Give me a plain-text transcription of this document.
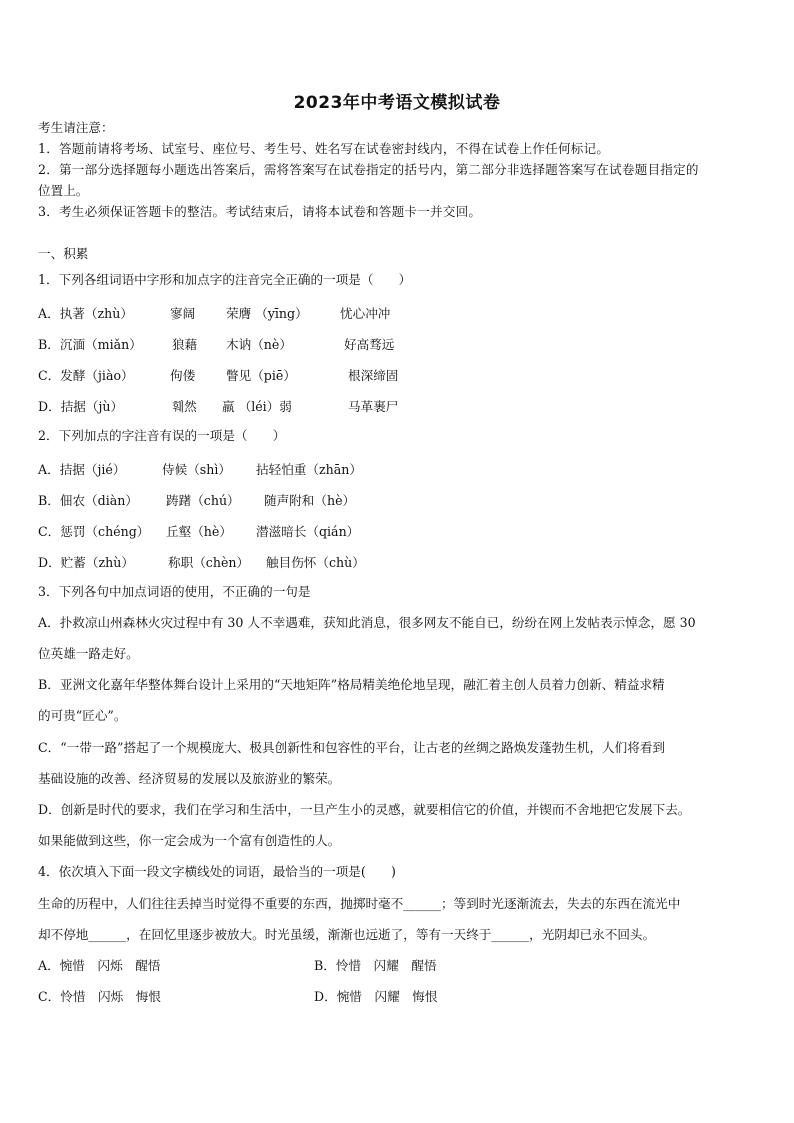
2023年中考语文模拟试卷
考生请注意：
1．答题前请将考场、试室号、座位号、考生号、姓名写在试卷密封线内，不得在试卷上作任何标记。
2．第一部分选择题每小题选出答案后，需将答案写在试卷指定的括号内，第二部分非选择题答案写在试卷题目指定的
位置上。
3．考生必须保证答题卡的整洁。考试结束后，请将本试卷和答题卡一并交回。
一、积累
1．下列各组词语中字形和加点字的注音完全正确的一项是（　　）
A．执著（zhù）	寥阔 荣膺 （yīng）	忧心冲冲
B．沉湎（miǎn） 狼藉 木讷（nè）	好高骛远
C．发酵（jiào）	佝偻 瞥见（piē）	根深缔固
D．拮据（jù）	훼然 羸 （léi）弱	马革裹尸
2．下列加点的字注音有误的一项是（　　）
A．拮据（jié）	侍候（shì） 拈轻怕重（zhān）
B．佃农（diàn） 踌躇（chú） 随声附和（hè）
C．惩罚（chéng） 丘壑（hè） 潜滋暗长（qián）
D．贮蓄（zhù）	称职（chèn） 触目伤怀（chù）
3．下列各句中加点词语的使用，不正确的一句是
A．扑救凉山州森林火灾过程中有 30 人不幸遇难，获知此消息，很多网友不能自已，纷纷在网上发帖表示悼念，愿 30
位英雄一路走好。
B．亚洲文化嘉年华整体舞台设计上采用的“天地矩阵”格局精美绝伦地呈现，融汇着主创人员着力创新、精益求精
的可贵“匠心”。
C．“一带一路”搭起了一个规模庞大、极具创新性和包容性的平台，让古老的丝绸之路焕发蓬勃生机，人们将看到
基础设施的改善、经济贸易的发展以及旅游业的繁荣。
D．创新是时代的要求，我们在学习和生活中，一旦产生小的灵感，就要相信它的价值，并锲而不舍地把它发展下去。
如果能做到这些，你一定会成为一个富有创造性的人。
4．依次填入下面一段文字横线处的词语，最恰当的一项是(　　)
生命的历程中，人们往往丢掉当时觉得不重要的东西，抛掷时毫不______；等到时光逐渐流去，失去的东西在流光中
却不停地______，在回忆里逐步被放大。时光虽缓，渐渐也远逝了，等有一天终于______，光阴却已永不回头。
A．惋惜　闪烁　醒悟	B．怜惜　闪耀　醒悟
C．怜惜　闪烁　悔恨	D．惋惜　闪耀　悔恨
